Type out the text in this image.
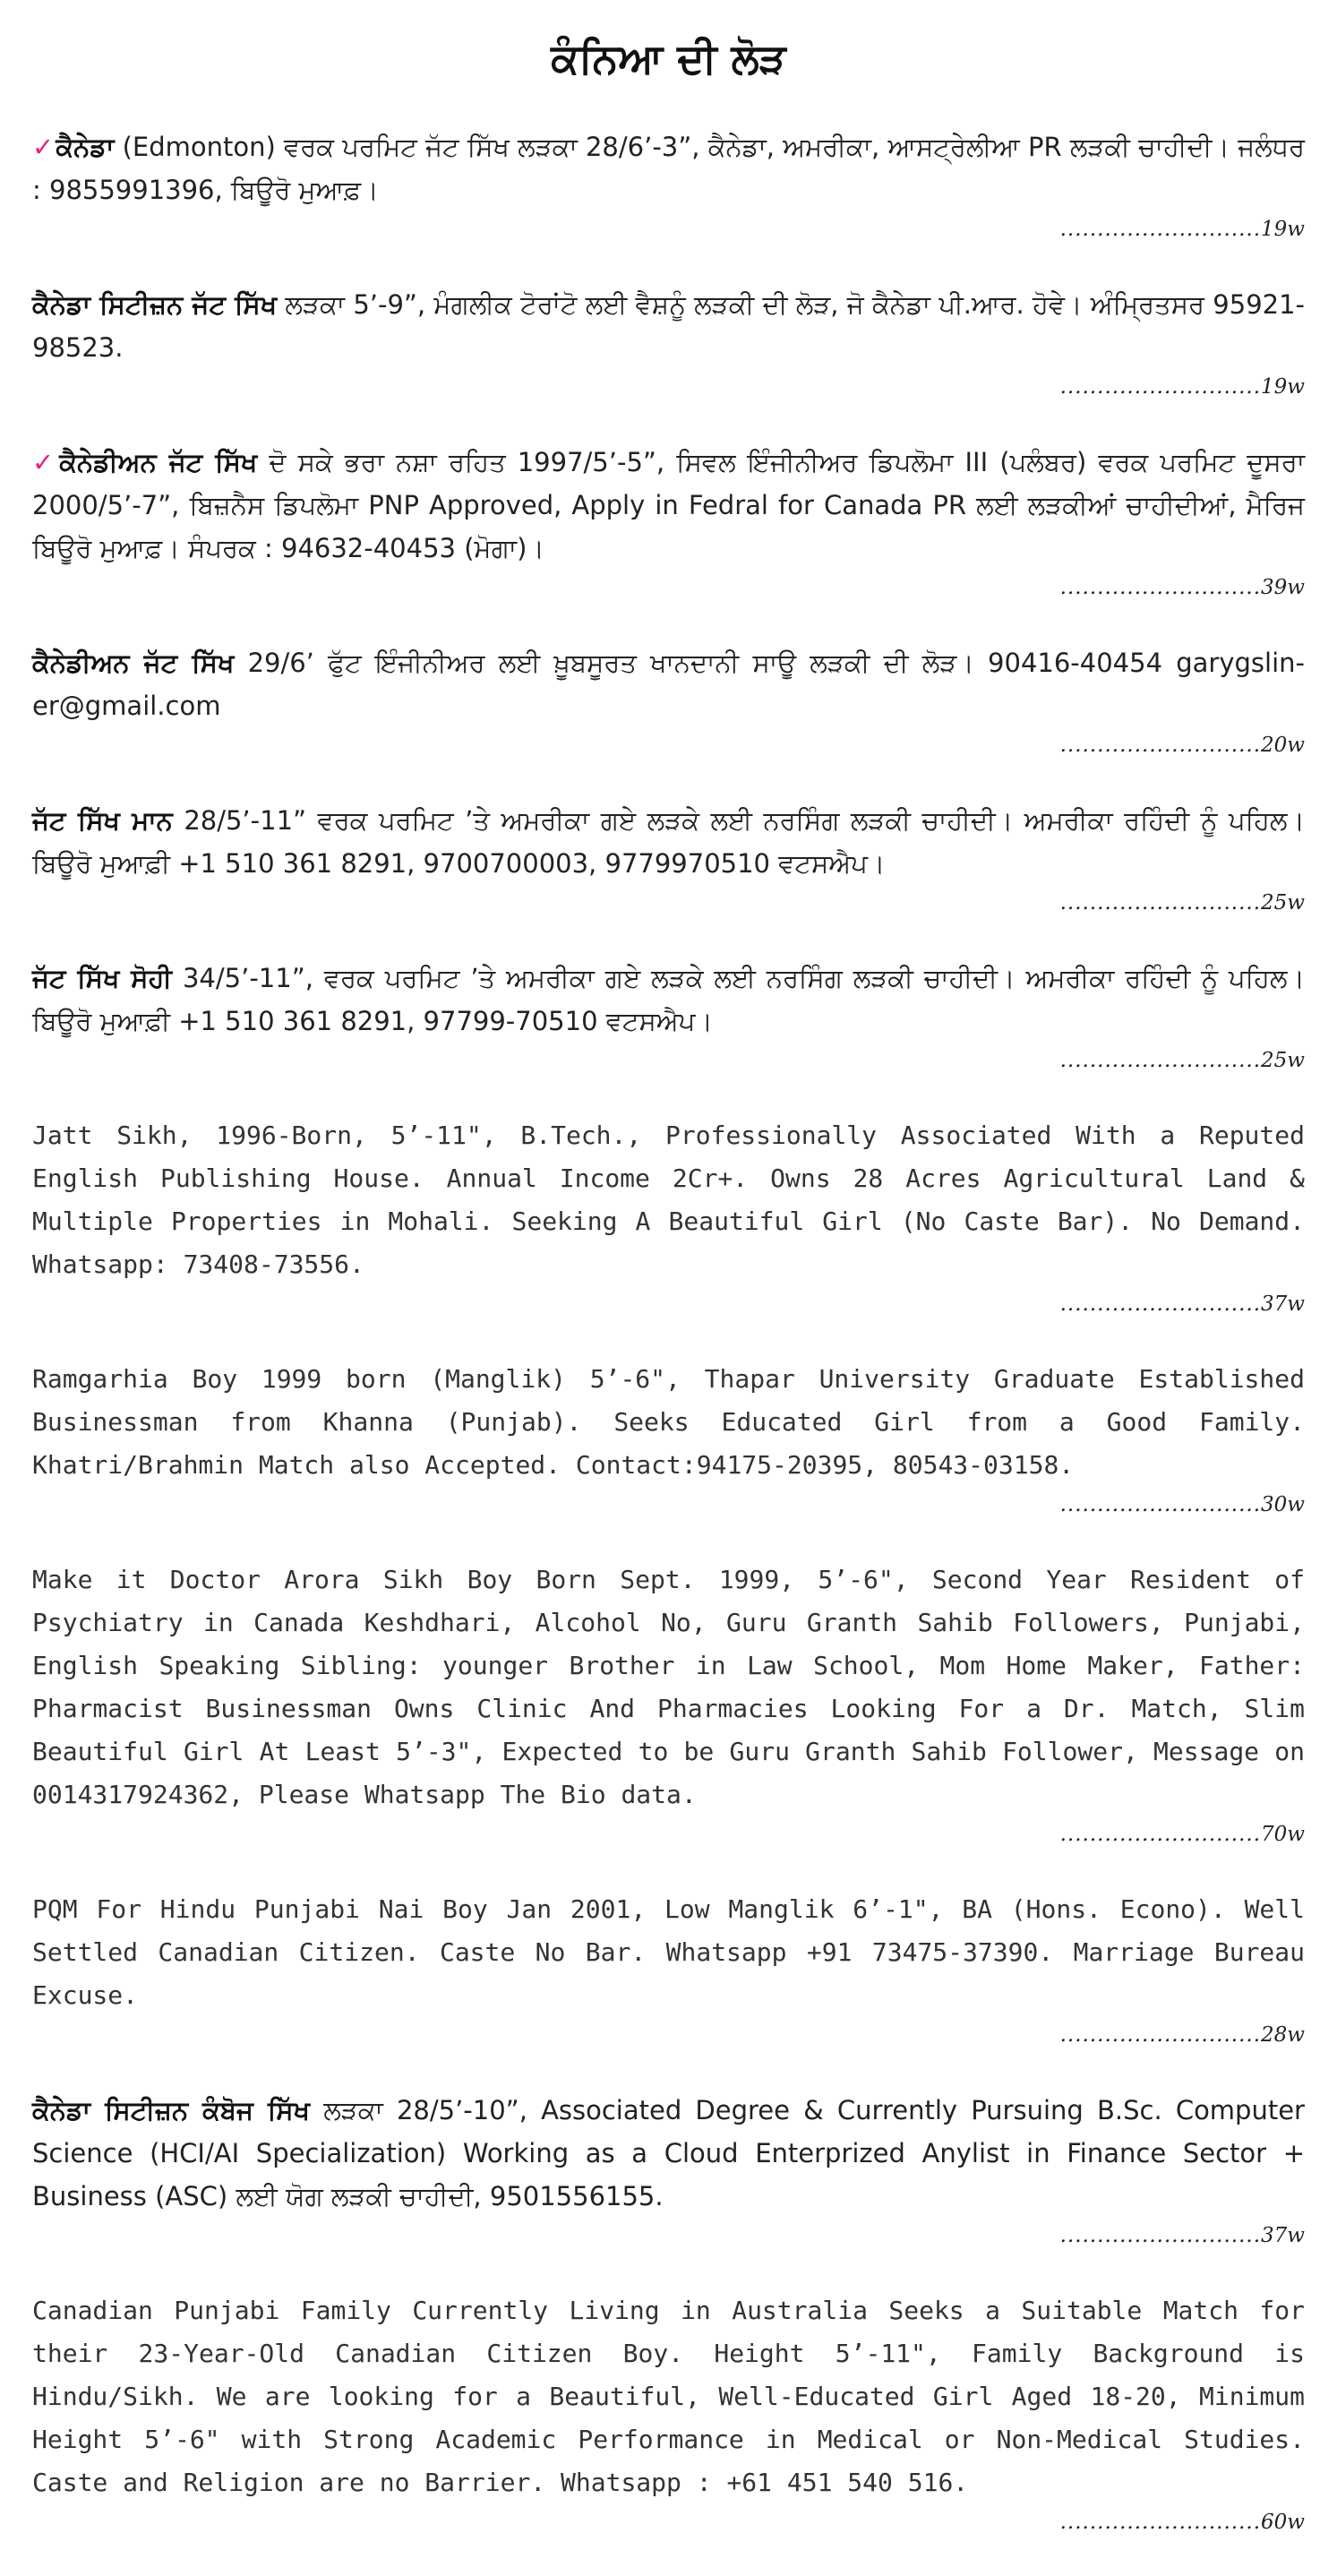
ਕੰਨਿਆ ਦੀ ਲੋੜ

✓ਕੈਨੇਡਾ (Edmonton) ਵਰਕ ਪਰਮਿਟ ਜੱਟ ਸਿੱਖ ਲੜਕਾ 28/6’-3”, ਕੈਨੇਡਾ, ਅਮਰੀਕਾ, ਆਸਟ੍ਰੇਲੀਆ PR ਲੜਕੀ ਚਾਹੀਦੀ। ਜਲੰਧਰ : 9855991396, ਬਿਊਰੋ ਮੁਆਫ਼।

...........................19w

ਕੈਨੇਡਾ ਸਿਟੀਜ਼ਨ ਜੱਟ ਸਿੱਖ ਲੜਕਾ 5’-9”, ਮੰਗਲੀਕ ਟੋਰਾਂਟੋ ਲਈ ਵੈਸ਼ਨੂੰ ਲੜਕੀ ਦੀ ਲੋੜ, ਜੋ ਕੈਨੇਡਾ ਪੀ.ਆਰ. ਹੋਵੇ। ਅੰਮ੍ਰਿਤਸਰ 95921-98523.

...........................19w

✓ਕੈਨੇਡੀਅਨ ਜੱਟ ਸਿੱਖ ਦੋ ਸਕੇ ਭਰਾ ਨਸ਼ਾ ਰਹਿਤ 1997/5’-5”, ਸਿਵਲ ਇੰਜੀਨੀਅਰ ਡਿਪਲੋਮਾ III (ਪਲੰਬਰ) ਵਰਕ ਪਰਮਿਟ ਦੂਸਰਾ 2000/5’-7”, ਬਿਜ਼ਨੈਸ ਡਿਪਲੋਮਾ PNP Approved, Apply in Fedral for Canada PR ਲਈ ਲੜਕੀਆਂ ਚਾਹੀਦੀਆਂ, ਮੈਰਿਜ ਬਿਊਰੋ ਮੁਆਫ਼। ਸੰਪਰਕ : 94632-40453 (ਮੋਗਾ)।

...........................39w

ਕੈਨੇਡੀਅਨ ਜੱਟ ਸਿੱਖ 29/6’ ਫੁੱਟ ਇੰਜੀਨੀਅਰ ਲਈ ਖ਼ੂਬਸੂਰਤ ਖਾਨਦਾਨੀ ਸਾਊ ਲੜਕੀ ਦੀ ਲੋੜ। 90416-40454 garygslin-er@gmail.com

...........................20w

ਜੱਟ ਸਿੱਖ ਮਾਨ 28/5’-11” ਵਰਕ ਪਰਮਿਟ ’ਤੇ ਅਮਰੀਕਾ ਗਏ ਲੜਕੇ ਲਈ ਨਰਸਿੰਗ ਲੜਕੀ ਚਾਹੀਦੀ। ਅਮਰੀਕਾ ਰਹਿੰਦੀ ਨੂੰ ਪਹਿਲ। ਬਿਊਰੋ ਮੁਆਫ਼ੀ +1 510 361 8291, 9700700003, 9779970510 ਵਟਸਐਪ।

...........................25w

ਜੱਟ ਸਿੱਖ ਸੋਹੀ 34/5’-11”, ਵਰਕ ਪਰਮਿਟ ’ਤੇ ਅਮਰੀਕਾ ਗਏ ਲੜਕੇ ਲਈ ਨਰਸਿੰਗ ਲੜਕੀ ਚਾਹੀਦੀ। ਅਮਰੀਕਾ ਰਹਿੰਦੀ ਨੂੰ ਪਹਿਲ। ਬਿਊਰੋ ਮੁਆਫ਼ੀ +1 510 361 8291, 97799-70510 ਵਟਸਐਪ।

...........................25w

Jatt Sikh, 1996-Born, 5’-11", B.Tech., Professionally Associated With a Reputed English Publishing House. Annual Income 2Cr+. Owns 28 Acres Agricultural Land & Multiple Properties in Mohali. Seeking A Beautiful Girl (No Caste Bar). No Demand. Whatsapp: 73408-73556.

...........................37w

Ramgarhia Boy 1999 born (Manglik) 5’-6", Thapar University Graduate Established Businessman from Khanna (Punjab). Seeks Educated Girl from a Good Family. Khatri/Brahmin Match also Accepted. Contact:94175-20395, 80543-03158.

...........................30w

Make it Doctor Arora Sikh Boy Born Sept. 1999, 5’-6", Second Year Resident of Psychiatry in Canada Keshdhari, Alcohol No, Guru Granth Sahib Followers, Punjabi, English Speaking Sibling: younger Brother in Law School, Mom Home Maker, Father: Pharmacist Businessman Owns Clinic And Pharmacies Looking For a Dr. Match, Slim Beautiful Girl At Least 5’-3", Expected to be Guru Granth Sahib Follower, Message on 0014317924362, Please Whatsapp The Bio data.

...........................70w

PQM For Hindu Punjabi Nai Boy Jan 2001, Low Manglik 6’-1", BA (Hons. Econo). Well Settled Canadian Citizen. Caste No Bar. Whatsapp +91 73475-37390. Marriage Bureau Excuse.

...........................28w

ਕੈਨੇਡਾ ਸਿਟੀਜ਼ਨ ਕੰਬੋਜ ਸਿੱਖ ਲੜਕਾ 28/5’-10”, Associated Degree & Currently Pursuing B.Sc. Computer Science (HCI/AI Specialization) Working as a Cloud Enterprized Anylist in Finance Sector + Business (ASC) ਲਈ ਯੋਗ ਲੜਕੀ ਚਾਹੀਦੀ, 9501556155.

...........................37w

Canadian Punjabi Family Currently Living in Australia Seeks a Suitable Match for their 23-Year-Old Canadian Citizen Boy. Height 5’-11", Family Background is Hindu/Sikh. We are looking for a Beautiful, Well-Educated Girl Aged 18-20, Minimum Height 5’-6" with Strong Academic Performance in Medical or Non-Medical Studies. Caste and Religion are no Barrier. Whatsapp : +61 451 540 516.

...........................60w
